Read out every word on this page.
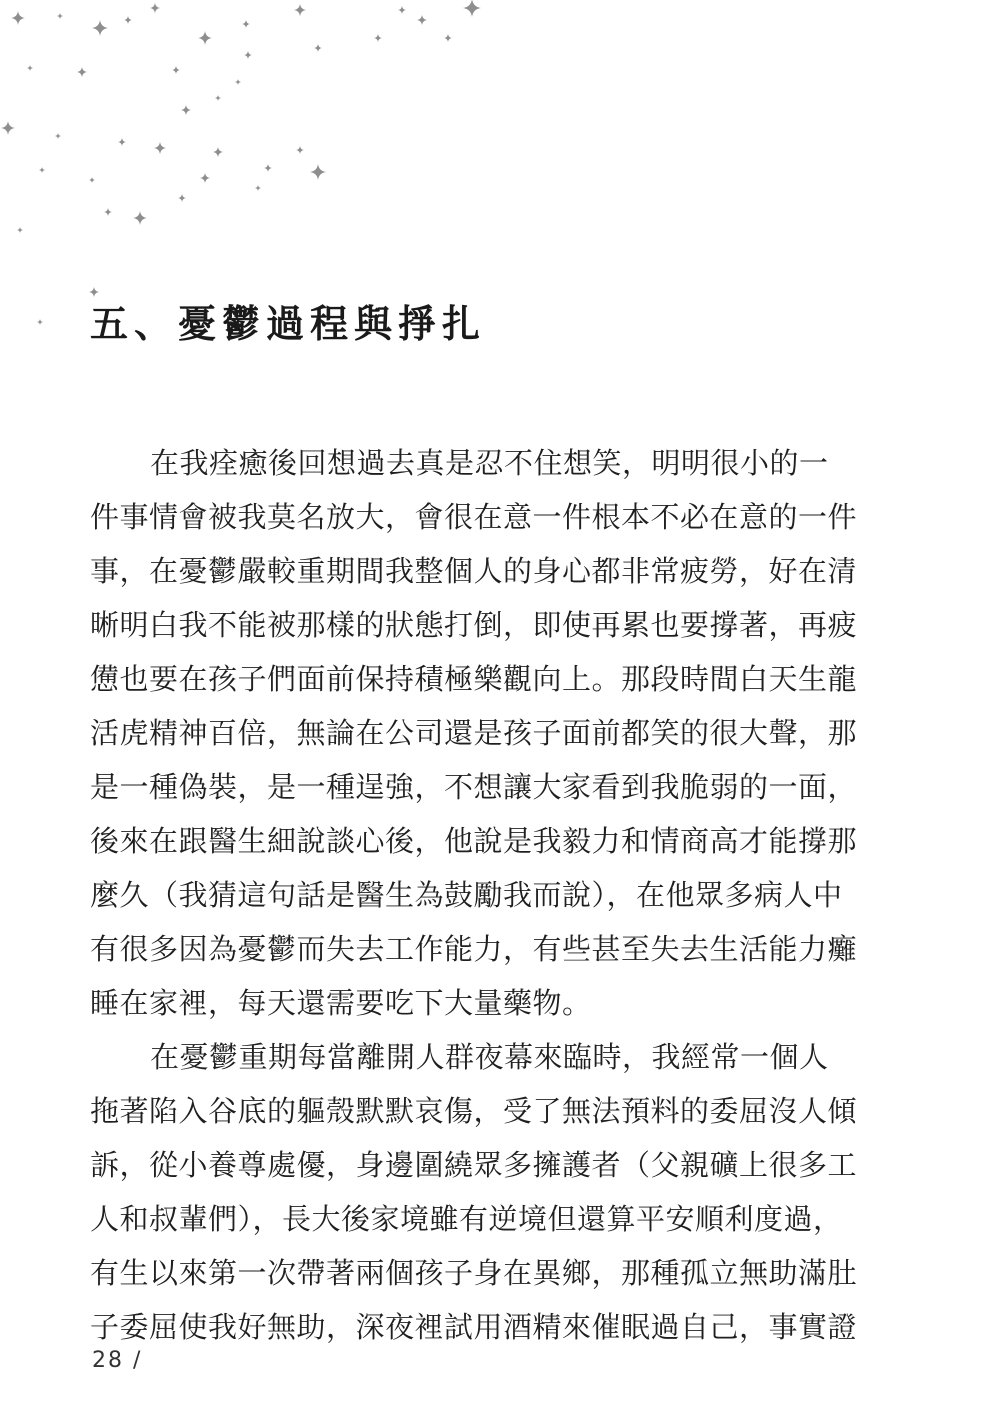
五、憂鬱過程與掙扎

在我痊癒後回想過去真是忍不住想笑，明明很小的一

件事情會被我莫名放大，會很在意一件根本不必在意的一件

事，在憂鬱嚴較重期間我整個人的身心都非常疲勞，好在清

晰明白我不能被那樣的狀態打倒，即使再累也要撐著，再疲

憊也要在孩子們面前保持積極樂觀向上。那段時間白天生龍

活虎精神百倍，無論在公司還是孩子面前都笑的很大聲，那

是一種偽裝，是一種逞強，不想讓大家看到我脆弱的一面，

後來在跟醫生細說談心後，他說是我毅力和情商高才能撐那

麼久（我猜這句話是醫生為鼓勵我而說），在他眾多病人中

有很多因為憂鬱而失去工作能力，有些甚至失去生活能力癱

睡在家裡，每天還需要吃下大量藥物。

在憂鬱重期每當離開人群夜幕來臨時，我經常一個人

拖著陷入谷底的軀殼默默哀傷，受了無法預料的委屈沒人傾

訴，從小養尊處優，身邊圍繞眾多擁護者（父親礦上很多工

人和叔輩們），長大後家境雖有逆境但還算平安順利度過，

有生以來第一次帶著兩個孩子身在異鄉，那種孤立無助滿肚

子委屈使我好無助，深夜裡試用酒精來催眠過自己，事實證

28 /
